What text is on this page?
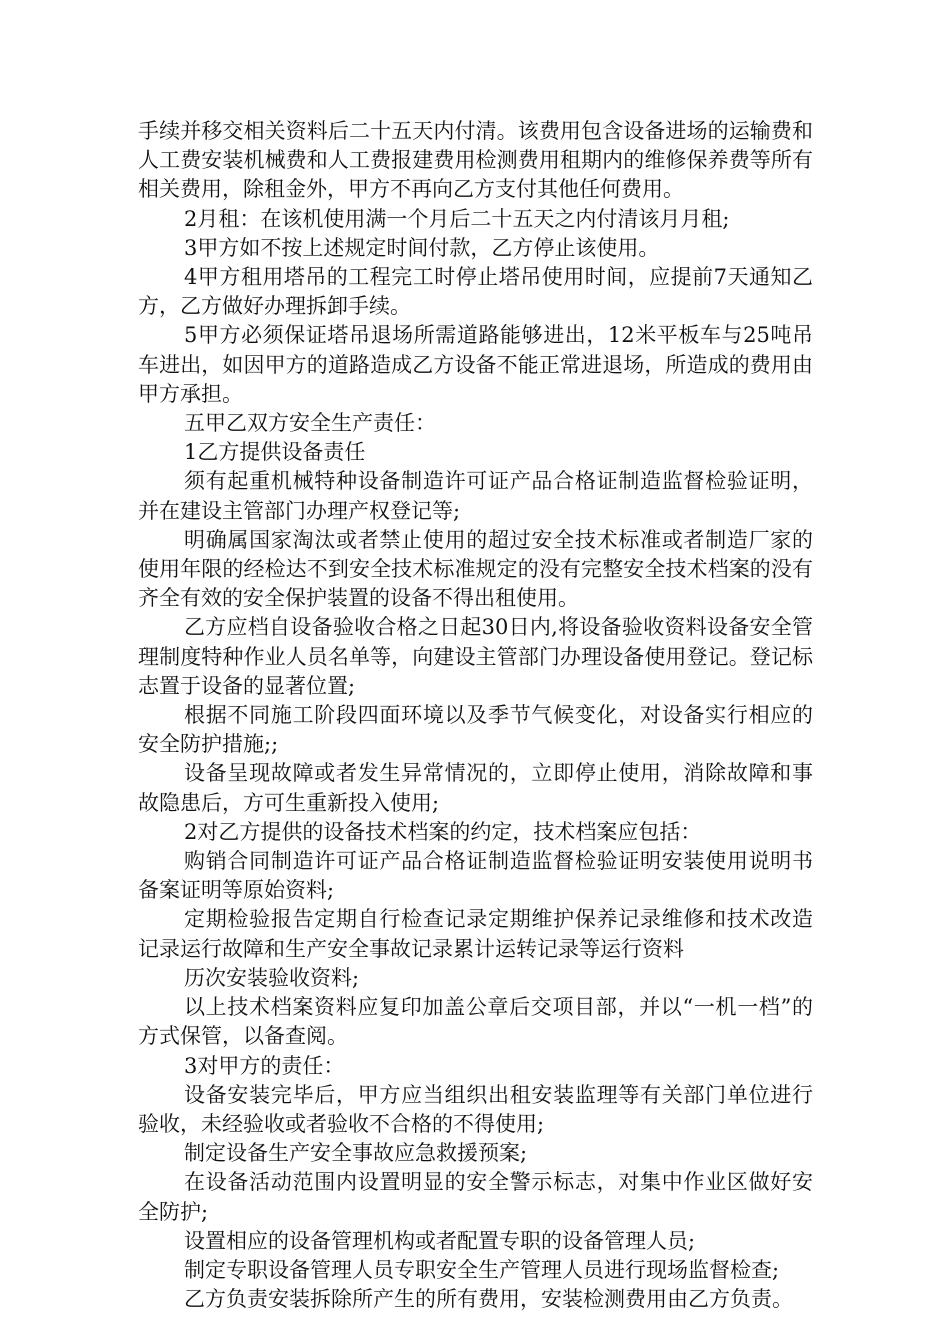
手续并移交相关资料后二十五天内付清。该费用包含设备进场的运输费和人工费安装机械费和人工费报建费用检测费用租期内的维修保养费等所有相关费用，除租金外，甲方不再向乙方支付其他任何费用。

2月租：在该机使用满一个月后二十五天之内付清该月月租;

3甲方如不按上述规定时间付款，乙方停止该使用。

4甲方租用塔吊的工程完工时停止塔吊使用时间，应提前7天通知乙方，乙方做好办理拆卸手续。

5甲方必须保证塔吊退场所需道路能够进出，12米平板车与25吨吊车进出，如因甲方的道路造成乙方设备不能正常进退场，所造成的费用由甲方承担。

五甲乙双方安全生产责任：

1乙方提供设备责任

须有起重机械特种设备制造许可证产品合格证制造监督检验证明，并在建设主管部门办理产权登记等;

明确属国家淘汰或者禁止使用的超过安全技术标准或者制造厂家的使用年限的经检达不到安全技术标准规定的没有完整安全技术档案的没有齐全有效的安全保护装置的设备不得出租使用。

乙方应档自设备验收合格之日起30日内,将设备验收资料设备安全管理制度特种作业人员名单等，向建设主管部门办理设备使用登记。登记标志置于设备的显著位置;

根据不同施工阶段四面环境以及季节气候变化，对设备实行相应的安全防护措施;;

设备呈现故障或者发生异常情况的，立即停止使用，消除故障和事故隐患后，方可生重新投入使用;

2对乙方提供的设备技术档案的约定，技术档案应包括：

购销合同制造许可证产品合格证制造监督检验证明安装使用说明书备案证明等原始资料;

定期检验报告定期自行检查记录定期维护保养记录维修和技术改造记录运行故障和生产安全事故记录累计运转记录等运行资料

历次安装验收资料;

以上技术档案资料应复印加盖公章后交项目部，并以“一机一档”的方式保管，以备查阅。

3对甲方的责任：

设备安装完毕后，甲方应当组织出租安装监理等有关部门单位进行验收，未经验收或者验收不合格的不得使用;

制定设备生产安全事故应急救援预案;

在设备活动范围内设置明显的安全警示标志，对集中作业区做好安全防护;

设置相应的设备管理机构或者配置专职的设备管理人员;

制定专职设备管理人员专职安全生产管理人员进行现场监督检查;

乙方负责安装拆除所产生的所有费用，安装检测费用由乙方负责。
